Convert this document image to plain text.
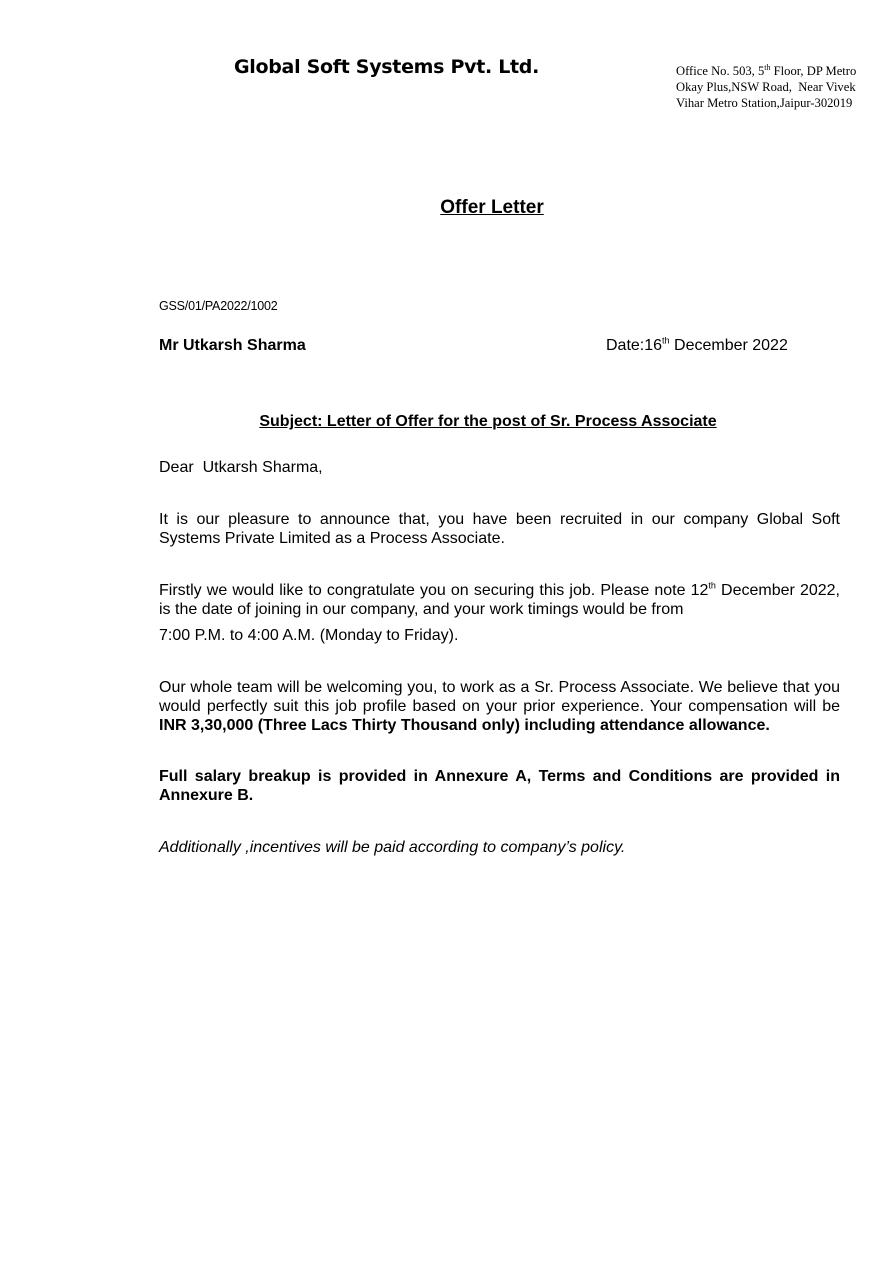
Global Soft Systems Pvt. Ltd.	Office No. 503, 5th Floor, DP Metro
Okay Plus,NSW Road,  Near Vivek
Vihar Metro Station,Jaipur-302019
Offer Letter
GSS/01/PA2022/1002
Mr Utkarsh Sharma	Date:16th December 2022
Subject: Letter of Offer for the post of Sr. Process Associate
Dear  Utkarsh Sharma,
It is our pleasure to announce that, you have been recruited in our company Global Soft Systems Private Limited as a Process Associate.
Firstly we would like to congratulate you on securing this job. Please note 12th December 2022, is the date of joining in our company, and your work timings would be from
7:00 P.M. to 4:00 A.M. (Monday to Friday).
Our whole team will be welcoming you, to work as a Sr. Process Associate. We believe that you would perfectly suit this job profile based on your prior experience. Your compensation will be INR 3,30,000 (Three Lacs Thirty Thousand only) including attendance allowance.
Full salary breakup is provided in Annexure A, Terms and Conditions are provided in Annexure B.
Additionally ,incentives will be paid according to company’s policy.
